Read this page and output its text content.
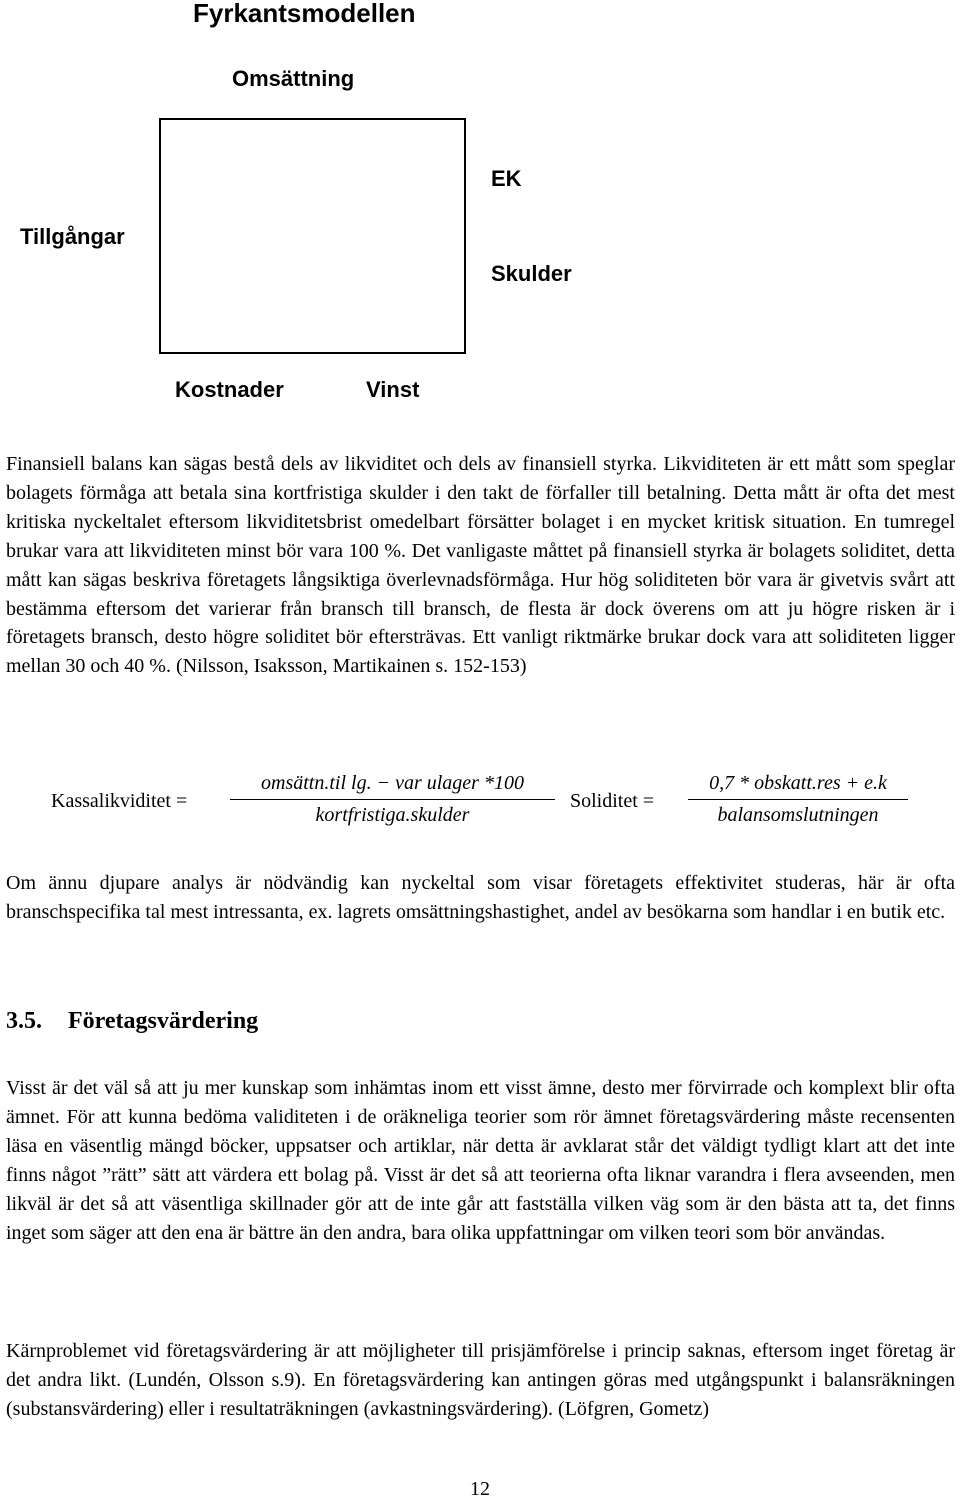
Fyrkantsmodellen
Omsättning
EK
Tillgångar
Skulder
Kostnader	Vinst

Finansiell balans kan sägas bestå dels av likviditet och dels av finansiell styrka. Likviditeten är ett mått som speglar bolagets förmåga att betala sina kortfristiga skulder i den takt de förfaller till betalning. Detta mått är ofta det mest kritiska nyckeltalet eftersom likviditetsbrist omedelbart försätter bolaget i en mycket kritisk situation. En tumregel brukar vara att likviditeten minst bör vara 100 %. Det vanligaste måttet på finansiell styrka är bolagets soliditet, detta mått kan sägas beskriva företagets långsiktiga överlevnadsförmåga. Hur hög soliditeten bör vara är givetvis svårt att bestämma eftersom det varierar från bransch till bransch, de flesta är dock överens om att ju högre risken är i företagets bransch, desto högre soliditet bör eftersträvas. Ett vanligt riktmärke brukar dock vara att soliditeten ligger mellan 30 och 40 %. (Nilsson, Isaksson, Martikainen s. 152-153)

Kassalikviditet =
omsättn.til lg. − var ulager *100
kortfristiga.skulder
Soliditet =
0,7 * obskatt.res + e.k
balansomslutningen

Om ännu djupare analys är nödvändig kan nyckeltal som visar företagets effektivitet studeras, här är ofta branschspecifika tal mest intressanta, ex. lagrets omsättningshastighet, andel av besökarna som handlar i en butik etc.

3.5. Företagsvärdering

Visst är det väl så att ju mer kunskap som inhämtas inom ett visst ämne, desto mer förvirrade och komplext blir ofta ämnet. För att kunna bedöma validiteten i de oräkneliga teorier som rör ämnet företagsvärdering måste recensenten läsa en väsentlig mängd böcker, uppsatser och artiklar, när detta är avklarat står det väldigt tydligt klart att det inte finns något ”rätt” sätt att värdera ett bolag på. Visst är det så att teorierna ofta liknar varandra i flera avseenden, men likväl är det så att väsentliga skillnader gör att de inte går att fastställa vilken väg som är den bästa att ta, det finns inget som säger att den ena är bättre än den andra, bara olika uppfattningar om vilken teori som bör användas.

Kärnproblemet vid företagsvärdering är att möjligheter till prisjämförelse i princip saknas, eftersom inget företag är det andra likt. (Lundén, Olsson s.9). En företagsvärdering kan antingen göras med utgångspunkt i balansräkningen (substansvärdering) eller i resultaträkningen (avkastningsvärdering). (Löfgren, Gometz)

12
